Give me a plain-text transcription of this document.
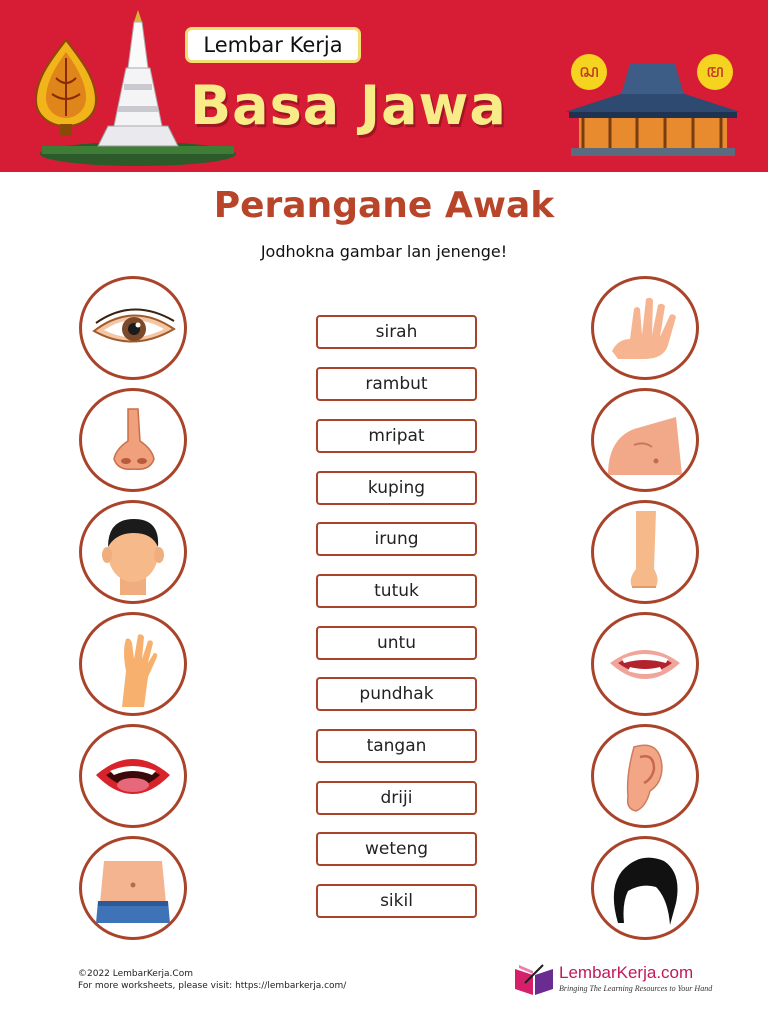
Lembar Kerja
Basa Jawa
ꦱ	ꦩ
Perangane Awak
Jodhokna gambar lan jenenge!
sirah
rambut
mripat
kuping
irung
tutuk
untu
pundhak
tangan
driji
weteng
sikil
©2022 LembarKerja.Com
For more worksheets, please visit: https://lembarkerja.com/
LembarKerja.com
Bringing The Learning Resources to Your Hand
